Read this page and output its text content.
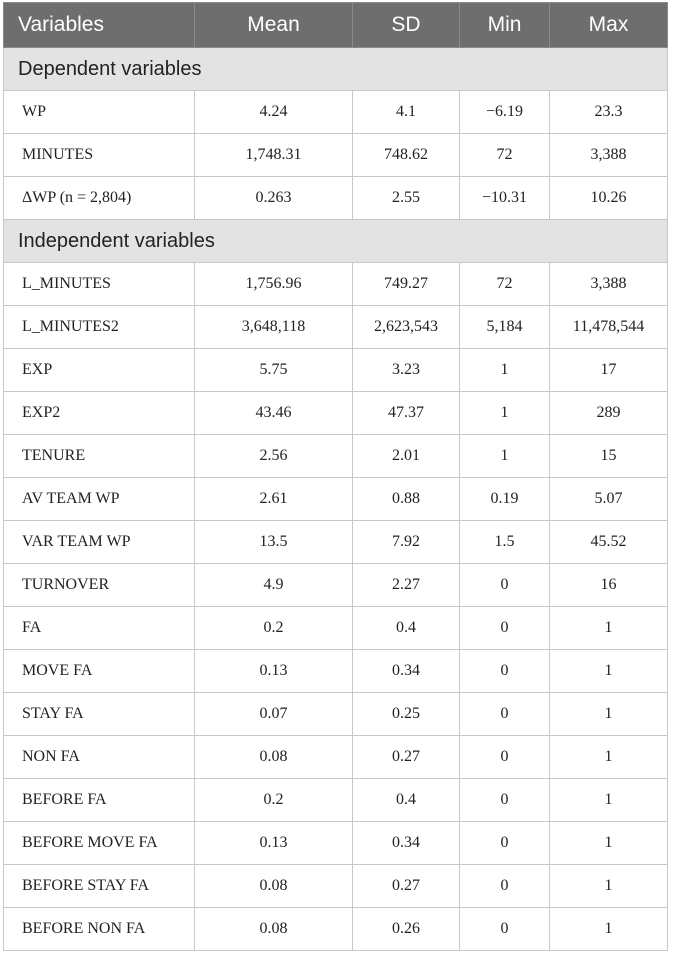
Variables	Mean	SD	Min	Max
Dependent variables				
WP	4.24	4.1	−6.19	23.3
MINUTES	1,748.31	748.62	72	3,388
ΔWP (n = 2,804)	0.263	2.55	−10.31	10.26
Independent variables				
L_MINUTES	1,756.96	749.27	72	3,388
L_MINUTES2	3,648,118	2,623,543	5,184	11,478,544
EXP	5.75	3.23	1	17
EXP2	43.46	47.37	1	289
TENURE	2.56	2.01	1	15
AV TEAM WP	2.61	0.88	0.19	5.07
VAR TEAM WP	13.5	7.92	1.5	45.52
TURNOVER	4.9	2.27	0	16
FA	0.2	0.4	0	1
MOVE FA	0.13	0.34	0	1
STAY FA	0.07	0.25	0	1
NON FA	0.08	0.27	0	1
BEFORE FA	0.2	0.4	0	1
BEFORE MOVE FA	0.13	0.34	0	1
BEFORE STAY FA	0.08	0.27	0	1
BEFORE NON FA	0.08	0.26	0	1
